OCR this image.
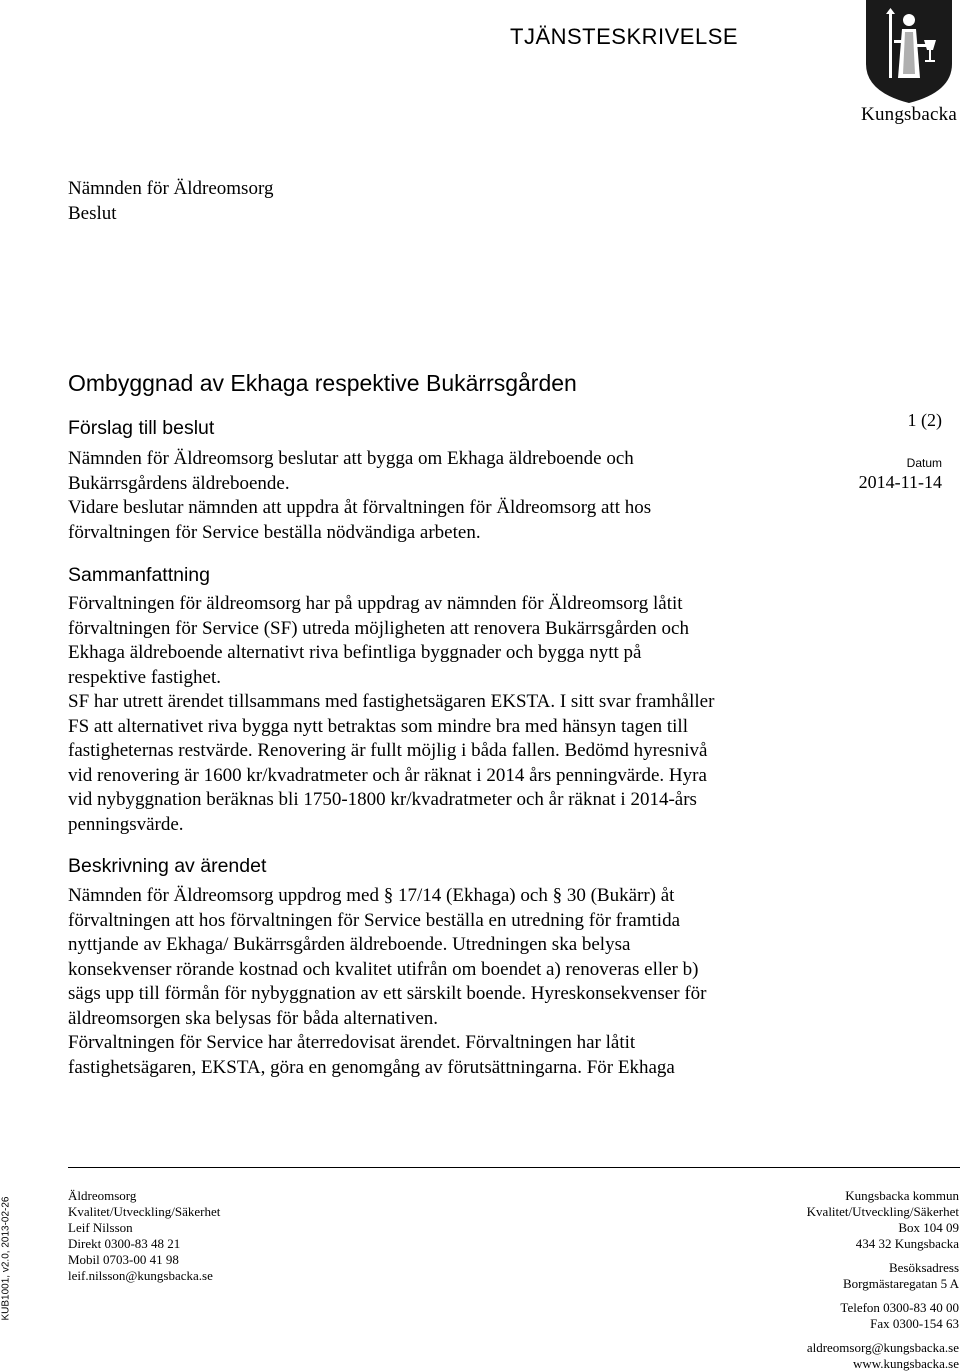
TJÄNSTESKRIVELSE
Kungsbacka
Nämnden för Äldreomsorg
Beslut
1 (2)
Datum
2014-11-14
Ombyggnad av Ekhaga respektive Bukärrsgården
Förslag till beslut

Nämnden för Äldreomsorg beslutar att bygga om Ekhaga äldreboende och

Bukärrsgårdens äldreboende.

Vidare beslutar nämnden att uppdra åt förvaltningen för Äldreomsorg att hos

förvaltningen för Service beställa nödvändiga arbeten.

Sammanfattning

Förvaltningen för äldreomsorg har på uppdrag av nämnden för Äldreomsorg låtit

förvaltningen för Service (SF) utreda möjligheten att renovera Bukärrsgården och

Ekhaga äldreboende alternativt riva befintliga byggnader och bygga nytt på

respektive fastighet.

SF har utrett ärendet tillsammans med fastighetsägaren EKSTA. I sitt svar framhåller

FS att alternativet riva bygga nytt betraktas som mindre bra med hänsyn tagen till

fastigheternas restvärde. Renovering är fullt möjlig i båda fallen. Bedömd hyresnivå

vid renovering är 1600 kr/kvadratmeter och år räknat i 2014 års penningvärde. Hyra

vid nybyggnation beräknas bli 1750-1800 kr/kvadratmeter och år räknat i 2014-års

penningsvärde.

Beskrivning av ärendet

Nämnden för Äldreomsorg uppdrog med § 17/14 (Ekhaga) och § 30 (Bukärr) åt

förvaltningen att hos förvaltningen för Service beställa en utredning för framtida

nyttjande av Ekhaga/ Bukärrsgården äldreboende. Utredningen ska belysa

konsekvenser rörande kostnad och kvalitet utifrån om boendet a) renoveras eller b)

sägs upp till förmån för nybyggnation av ett särskilt boende. Hyreskonsekvenser för

äldreomsorgen ska belysas för båda alternativen.

Förvaltningen för Service har återredovisat ärendet. Förvaltningen har låtit

fastighetsägaren, EKSTA, göra en genomgång av förutsättningarna. För Ekhaga

KUB1001, v2.0, 2013-02-26
Äldreomsorg
Kvalitet/Utveckling/Säkerhet
Leif Nilsson
Direkt 0300-83 48 21
Mobil 0703-00 41 98
leif.nilsson@kungsbacka.se
Kungsbacka kommun
Kvalitet/Utveckling/Säkerhet
Box 104 09
434 32 Kungsbacka
Besöksadress
Borgmästaregatan 5 A
Telefon 0300-83 40 00
Fax 0300-154 63
aldreomsorg@kungsbacka.se
www.kungsbacka.se
